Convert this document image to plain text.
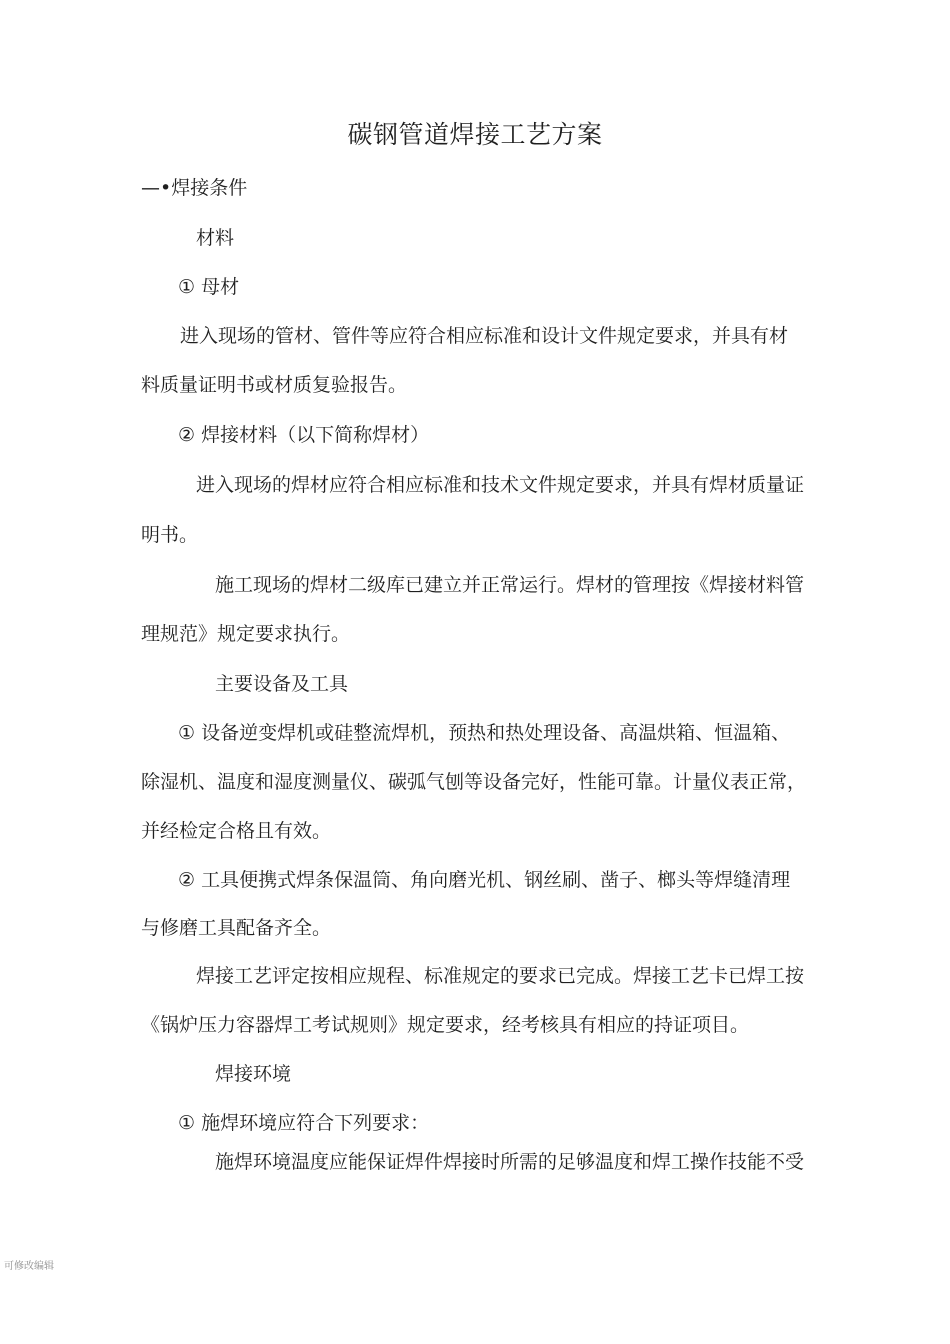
碳钢管道焊接工艺方案
—•焊接条件
材料
① 母材
进入现场的管材、管件等应符合相应标准和设计文件规定要求，并具有材
料质量证明书或材质复验报告。
② 焊接材料（以下简称焊材）
进入现场的焊材应符合相应标准和技术文件规定要求，并具有焊材质量证
明书。
施工现场的焊材二级库已建立并正常运行。焊材的管理按《焊接材料管
理规范》规定要求执行。
主要设备及工具
① 设备逆变焊机或硅整流焊机，预热和热处理设备、高温烘箱、恒温箱、
除湿机、温度和湿度测量仪、碳弧气刨等设备完好，性能可靠。计量仪表正常，
并经检定合格且有效。
② 工具便携式焊条保温筒、角向磨光机、钢丝刷、凿子、榔头等焊缝清理
与修磨工具配备齐全。
焊接工艺评定按相应规程、标准规定的要求已完成。焊接工艺卡已焊工按
《锅炉压力容器焊工考试规则》规定要求，经考核具有相应的持证项目。
焊接环境
① 施焊环境应符合下列要求：
施焊环境温度应能保证焊件焊接时所需的足够温度和焊工操作技能不受
可修改编辑
